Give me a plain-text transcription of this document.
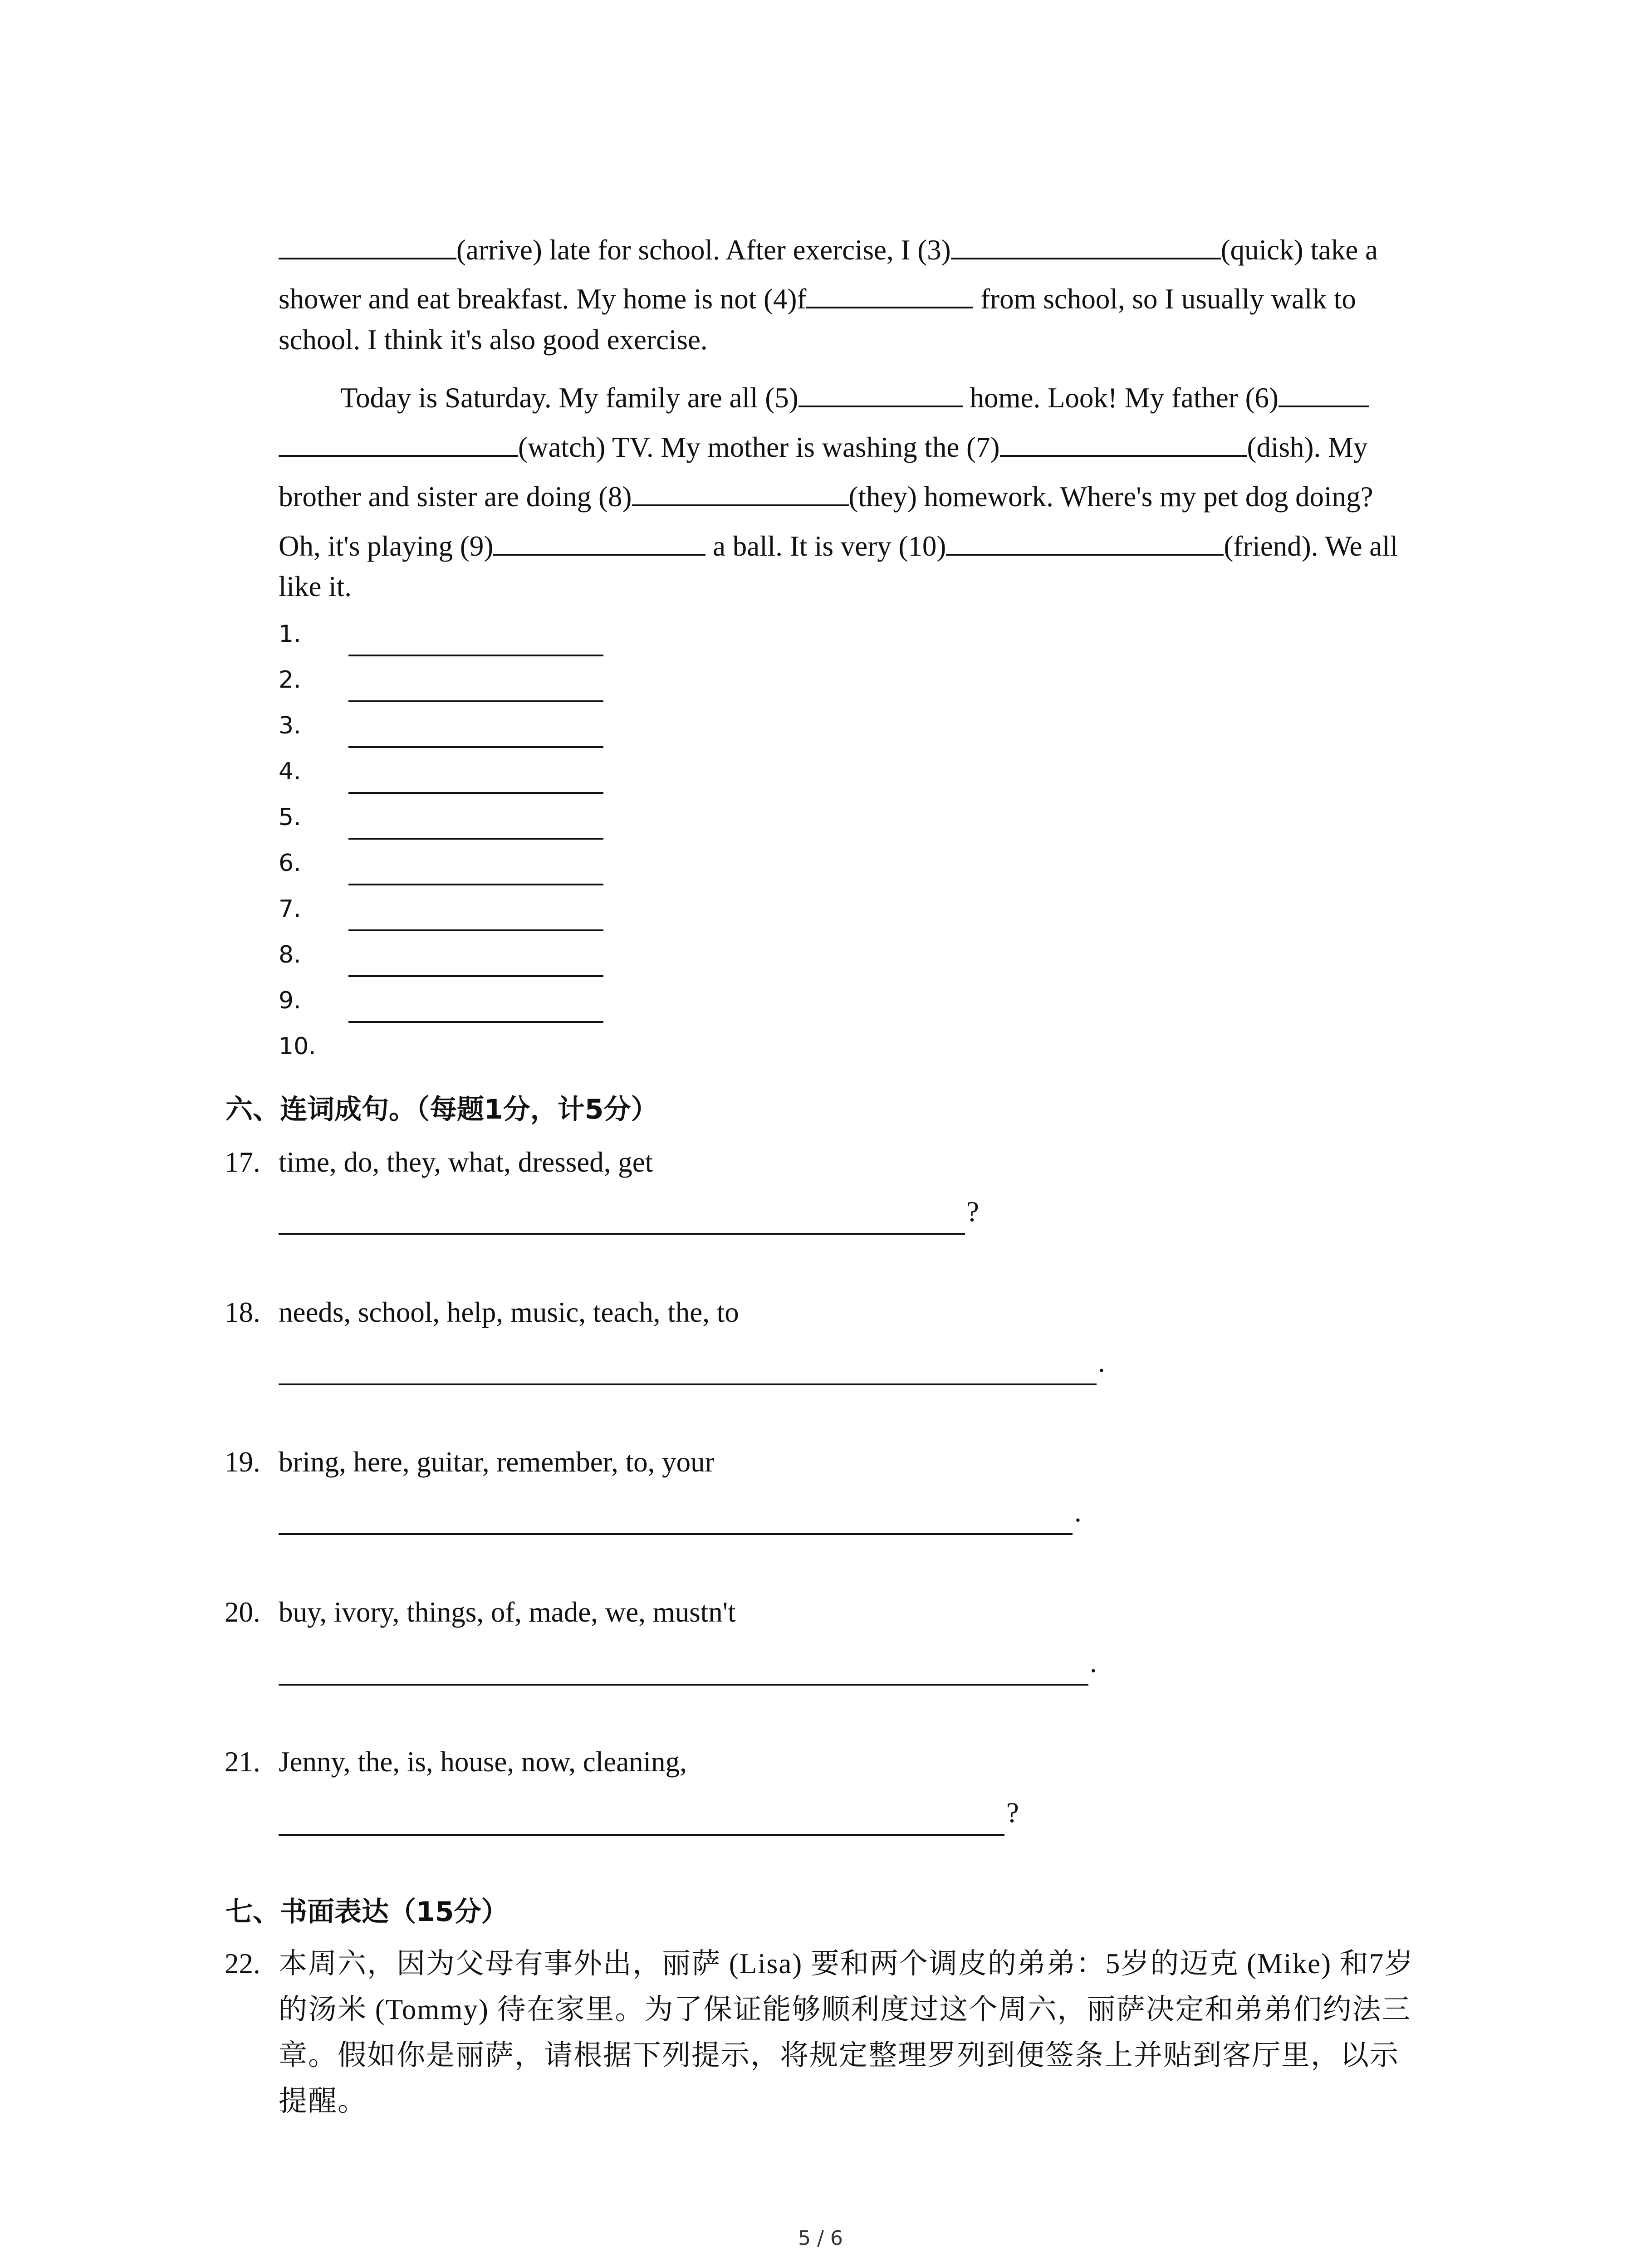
(arrive) late for school. After exercise, I (3)	(quick) take a
shower and eat breakfast. My home is not (4)f	from school, so I usually walk to
school. I think it's also good exercise.
Today is Saturday. My family are all (5)	home. Look! My father (6)
(watch) TV. My mother is washing the (7)	(dish). My
brother and sister are doing (8)	(they) homework. Where's my pet dog doing?
Oh, it's playing (9)	a ball. It is very (10)	(friend). We all
like it.
1.
2.
3.
4.
5.
6.
7.
8.
9.
10.
六、连词成句。（每题1分，计5分）
17. time, do, they, what, dressed, get
?
18. needs, school, help, music, teach, the, to
.
19. bring, here, guitar, remember, to, your
.
20. buy, ivory, things, of, made, we, mustn't
.
21. Jenny, the, is, house, now, cleaning,
?
七、书面表达（15分）
22. 本周六，因为父母有事外出，丽萨 (Lisa) 要和两个调皮的弟弟：5岁的迈克 (Mike) 和7岁
的汤米 (Tommy) 待在家里。为了保证能够顺利度过这个周六，丽萨决定和弟弟们约法三
章。假如你是丽萨，请根据下列提示，将规定整理罗列到便签条上并贴到客厅里，以示
提醒。
5 / 6
